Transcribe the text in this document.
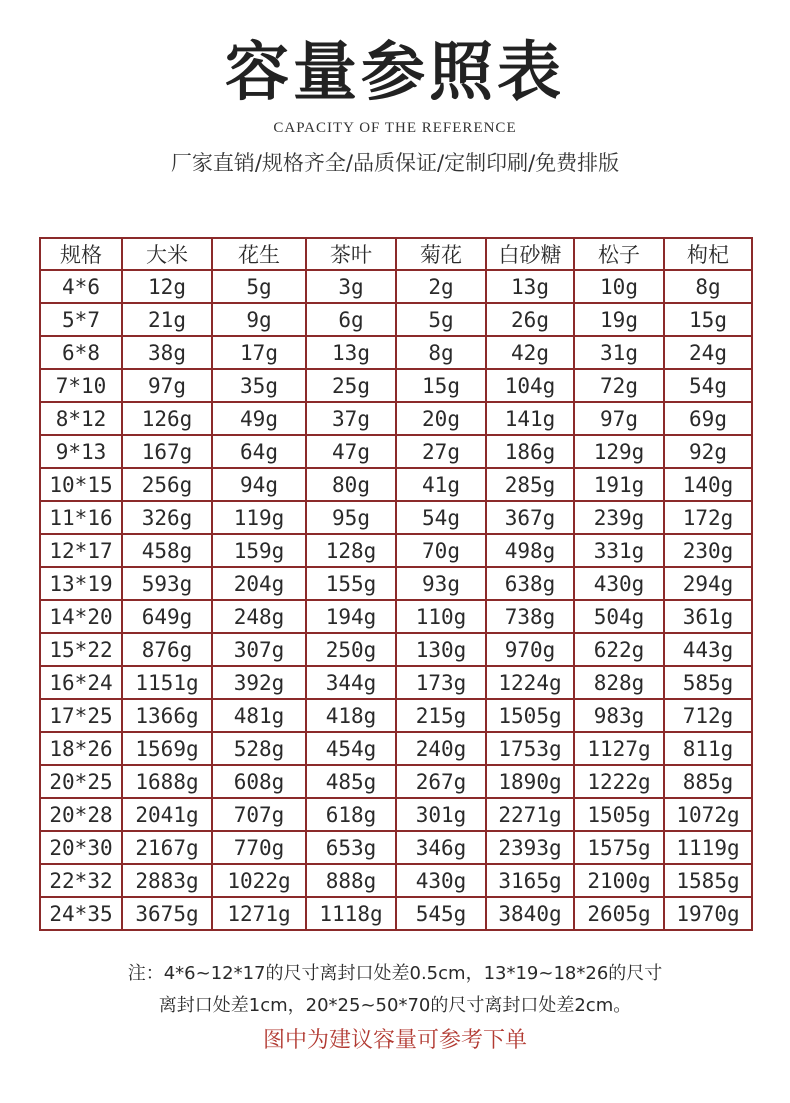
容量参照表
CAPACITY OF THE REFERENCE
厂家直销/规格齐全/品质保证/定制印刷/免费排版
规格	大米	花生	茶叶	菊花	白砂糖	松子	枸杞
4*6	12g	5g	3g	2g	13g	10g	8g
5*7	21g	9g	6g	5g	26g	19g	15g
6*8	38g	17g	13g	8g	42g	31g	24g
7*10	97g	35g	25g	15g	104g	72g	54g
8*12	126g	49g	37g	20g	141g	97g	69g
9*13	167g	64g	47g	27g	186g	129g	92g
10*15	256g	94g	80g	41g	285g	191g	140g
11*16	326g	119g	95g	54g	367g	239g	172g
12*17	458g	159g	128g	70g	498g	331g	230g
13*19	593g	204g	155g	93g	638g	430g	294g
14*20	649g	248g	194g	110g	738g	504g	361g
15*22	876g	307g	250g	130g	970g	622g	443g
16*24	1151g	392g	344g	173g	1224g	828g	585g
17*25	1366g	481g	418g	215g	1505g	983g	712g
18*26	1569g	528g	454g	240g	1753g	1127g	811g
20*25	1688g	608g	485g	267g	1890g	1222g	885g
20*28	2041g	707g	618g	301g	2271g	1505g	1072g
20*30	2167g	770g	653g	346g	2393g	1575g	1119g
22*32	2883g	1022g	888g	430g	3165g	2100g	1585g
24*35	3675g	1271g	1118g	545g	3840g	2605g	1970g
注：4*6~12*17的尺寸离封口处差0.5cm，13*19~18*26的尺寸
离封口处差1cm，20*25~50*70的尺寸离封口处差2cm。
图中为建议容量可参考下单
